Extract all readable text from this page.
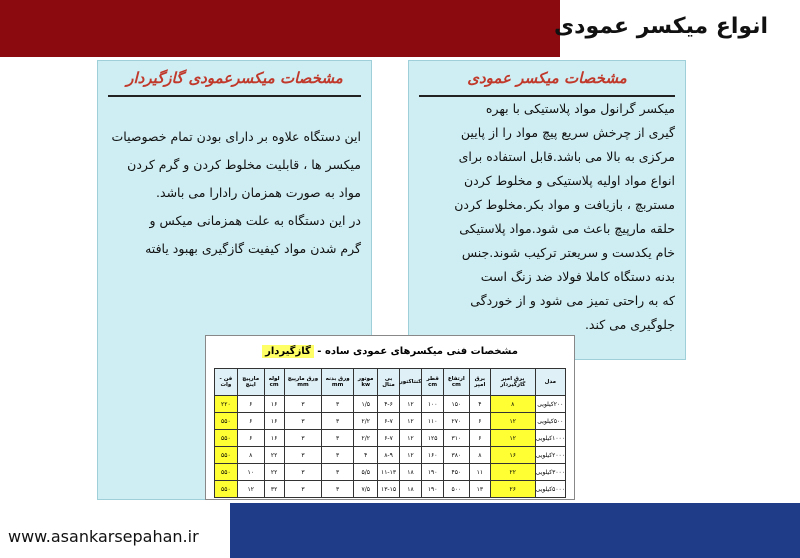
انواع میکسر عمودی
مشخصات میکسر عمودی
میکسر گرانول مواد پلاستیکی با بهره
گیری از چرخش سریع پیچ مواد را از پایین
مرکزی به بالا می باشد.قابل استفاده برای
انواع مواد اولیه پلاستیکی و مخلوط کردن
مستربچ ، بازیافت و مواد بکر.مخلوط کردن
حلقه مارپیچ باعث می شود.مواد پلاستیکی
خام یکدست و سریعتر ترکیب شوند.جنس
بدنه دستگاه کاملا فولاد ضد زنگ است
که به راحتی تمیز می شود و از خوردگی
جلوگیری می کند.
مشخصات میکسرعمودی گازگیردار
این دستگاه علاوه بر دارای بودن تمام خصوصیات
میکسر ها ، قابلیت مخلوط کردن و گرم کردن
مواد به صورت همزمان رادارا می باشد.
در این دستگاه به علت همزمانی میکس و
گرم شدن مواد کیفیت گازگیری بهبود یافته
مشخصات فنی میکسرهای عمودی ساده - گازگیردار
مدل	برق امپر گازگیردار	برق امپر	ارتفاع cm	قطر cm	کنتاکتور	بی متال	موتور kw	ورق بدنه mm	ورق مارپیچ mm	لوله cm	مارپیچ اینچ	فن - وات
۲۰۰کیلویی	۸	۴	۱۵۰	۱۰۰	۱۲	۴-۶	۱/۵	۳	۳	۱۶	۶	۲۲۰
۵۰۰کیلویی	۱۲	۶	۲۷۰	۱۱۰	۱۲	۶-۷	۲/۲	۳	۳	۱۶	۶	۵۵۰
۱۰۰۰کیلویی	۱۲	۶	۳۱۰	۱۲۵	۱۲	۶-۷	۲/۲	۳	۳	۱۶	۶	۵۵۰
۲۰۰۰کیلویی	۱۶	۸	۳۸۰	۱۶۰	۱۲	۸-۹	۴	۳	۳	۲۲	۸	۵۵۰
۳۰۰۰کیلویی	۲۲	۱۱	۴۵۰	۱۹۰	۱۸	۱۱-۱۳	۵/۵	۳	۳	۲۲	۱۰	۵۵۰
۵۰۰۰کیلویی	۲۶	۱۳	۵۰۰	۱۹۰	۱۸	۱۳-۱۵	۷/۵	۳	۳	۳۲	۱۲	۵۵۰
www.asankarsepahan.ir
